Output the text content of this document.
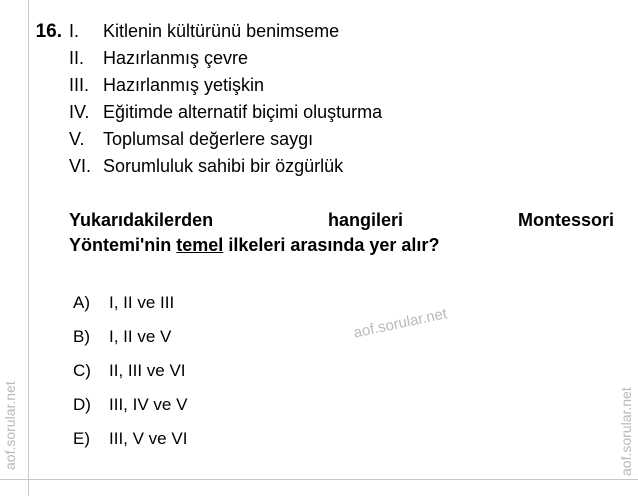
16. I.	Kitlenin kültürünü benimseme
II.	Hazırlanmış çevre
III. Hazırlanmış yetişkin
IV. Eğitimde alternatif biçimi oluşturma
V.	Toplumsal değerlere saygı
VI. Sorumluluk sahibi bir özgürlük
Yukarıdakilerden	hangileri	Montessori
Yöntemi'nin temel ilkeleri arasında yer alır?
A)	I, II ve III
B)	I, II ve V
C)	II, III ve VI
D)	III, IV ve V
E)	III, V ve VI
aof.sorular.net
aof.sorular.net	aof.sorular.net
